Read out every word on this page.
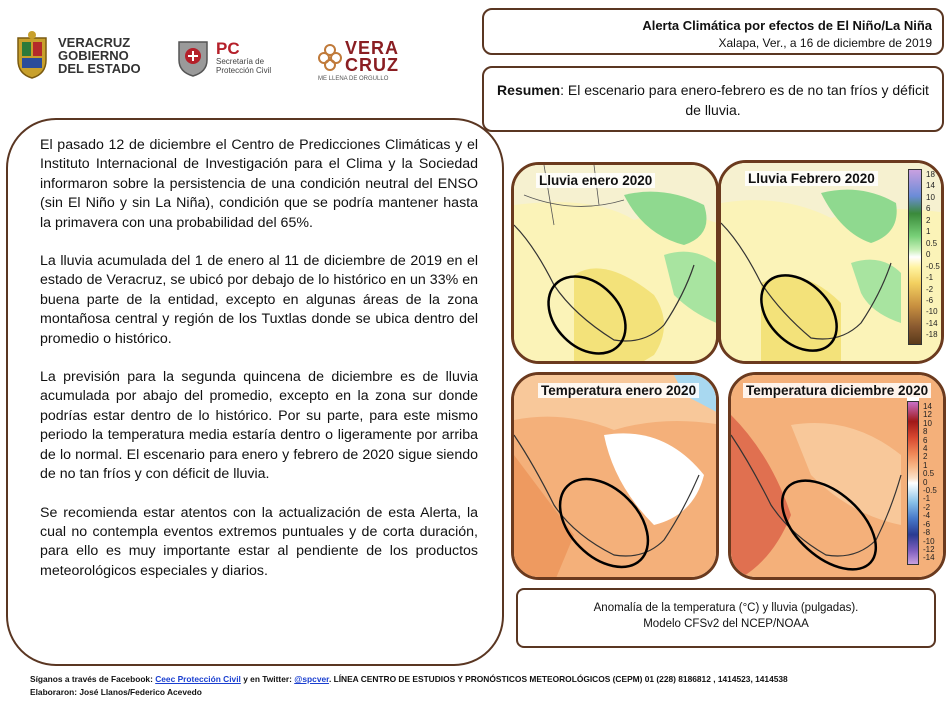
VERACRUZ
GOBIERNO
DEL ESTADO
PC
Secretaría de
Protección Civil
VERA
CRUZ
ME LLENA DE ORGULLO
Alerta Climática por efectos de El Niño/La Niña
Xalapa, Ver., a 16 de diciembre de 2019
Resumen: El escenario para enero-febrero es de no tan fríos y déficit de lluvia.

El pasado 12 de diciembre el Centro de Predicciones Climáticas y el Instituto Internacional de Investigación para el Clima y la Sociedad informaron sobre la persistencia de una condición neutral del ENSO (sin El Niño y sin La Niña), condición que se podría mantener hasta la primavera con una probabilidad del 65%.

La lluvia acumulada del 1 de enero al 11 de diciembre de 2019 en el estado de Veracruz, se ubicó por debajo de lo histórico en un 33% en buena parte de la entidad, excepto en algunas áreas de la zona montañosa central y región de los Tuxtlas donde se ubica dentro del promedio o histórico.

La previsión para la segunda quincena de diciembre es de lluvia acumulada por abajo del promedio, excepto en la zona sur donde podrías estar dentro de lo histórico. Por su parte, para este mismo periodo la temperatura media estaría dentro o ligeramente por arriba de lo normal. El escenario para enero y febrero de 2020 sigue siendo de no tan fríos y con déficit de lluvia.

Se recomienda estar atentos con la actualización de esta Alerta, la cual no contempla eventos extremos puntuales y de corta duración, para ello es muy importante estar al pendiente de los productos meteorológicos especiales y diarios.

Lluvia enero 2020	Lluvia Febrero 2020	18
14
10
6
2
1
0.5
0
-0.5
-1
-2
-6
-10
-14
-18
Temperatura enero 2020	Temperatura diciembre 2020
14
12
10
8
6
4
2
1
0.5
0
-0.5
-1
-2
-4
-6
-8
-10
-12
-14
Anomalía de la temperatura (°C) y lluvia (pulgadas).
Modelo CFSv2 del NCEP/NOAA
Síganos a través de Facebook: Ceec Protección Civil y en Twitter: @spcver. LÍNEA CENTRO DE ESTUDIOS Y PRONÓSTICOS METEOROLÓGICOS (CEPM) 01 (228) 8186812 , 1414523, 1414538
Elaboraron: José Llanos/Federico Acevedo
